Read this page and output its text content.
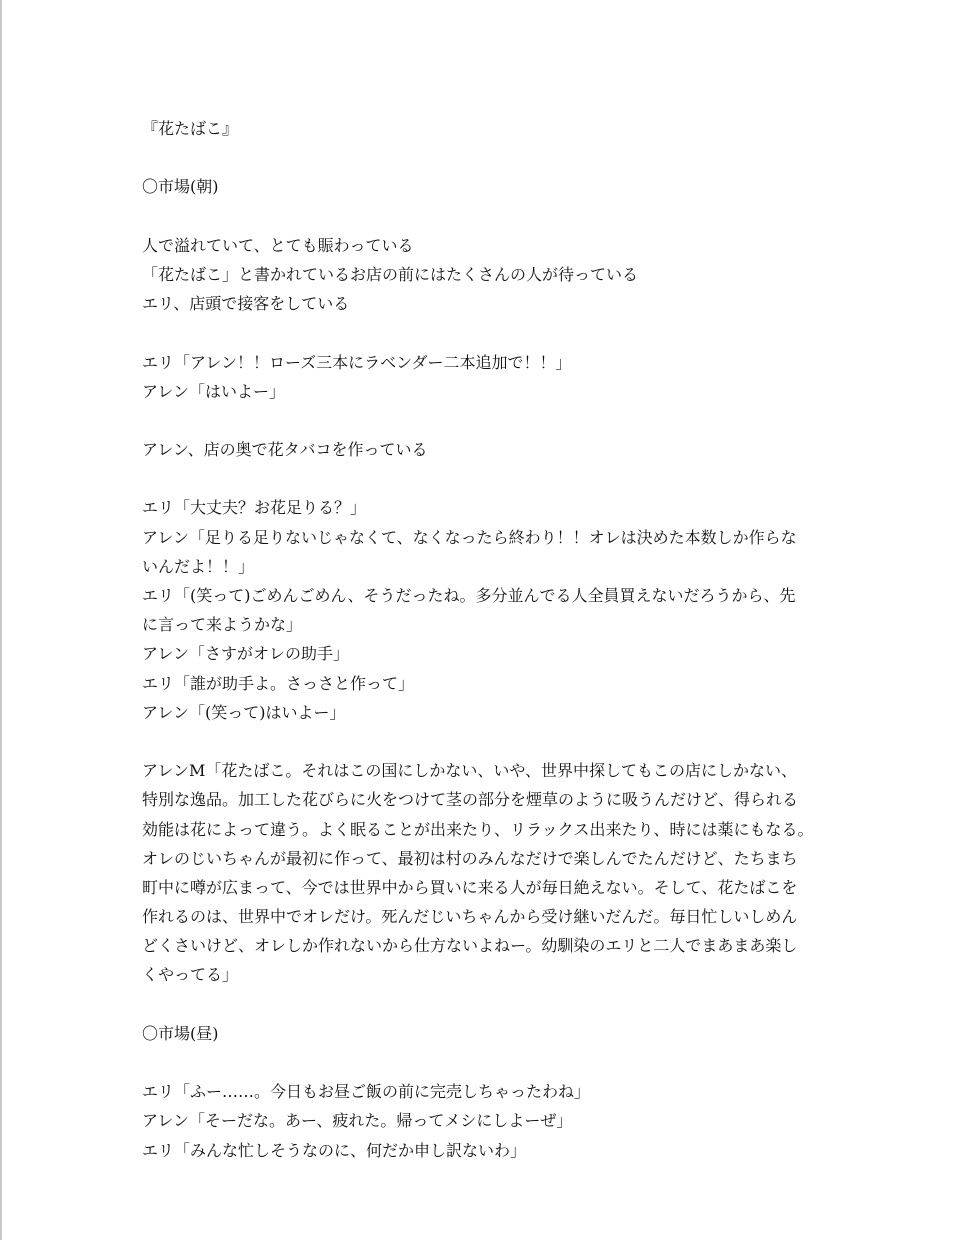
『花たばこ』
〇市場(朝)
人で溢れていて、とても賑わっている
「花たばこ」と書かれているお店の前にはたくさんの人が待っている
エリ、店頭で接客をしている
エリ「アレン！！ローズ三本にラベンダー二本追加で！！」
アレン「はいよー」
アレン、店の奥で花タバコを作っている
エリ「大丈夫？お花足りる？」
アレン「足りる足りないじゃなくて、なくなったら終わり！！オレは決めた本数しか作らな
いんだよ！！」
エリ「(笑って)ごめんごめん、そうだったね。多分並んでる人全員買えないだろうから、先
に言って来ようかな」
アレン「さすがオレの助手」
エリ「誰が助手よ。さっさと作って」
アレン「(笑って)はいよー」
アレンM「花たばこ。それはこの国にしかない、いや、世界中探してもこの店にしかない、
特別な逸品。加工した花びらに火をつけて茎の部分を煙草のように吸うんだけど、得られる
効能は花によって違う。よく眠ることが出来たり、リラックス出来たり、時には薬にもなる。
オレのじいちゃんが最初に作って、最初は村のみんなだけで楽しんでたんだけど、たちまち
町中に噂が広まって、今では世界中から買いに来る人が毎日絶えない。そして、花たばこを
作れるのは、世界中でオレだけ。死んだじいちゃんから受け継いだんだ。毎日忙しいしめん
どくさいけど、オレしか作れないから仕方ないよねー。幼馴染のエリと二人でまあまあ楽し
くやってる」
〇市場(昼)
エリ「ふー……。今日もお昼ご飯の前に完売しちゃったわね」
アレン「そーだな。あー、疲れた。帰ってメシにしよーぜ」
エリ「みんな忙しそうなのに、何だか申し訳ないわ」
